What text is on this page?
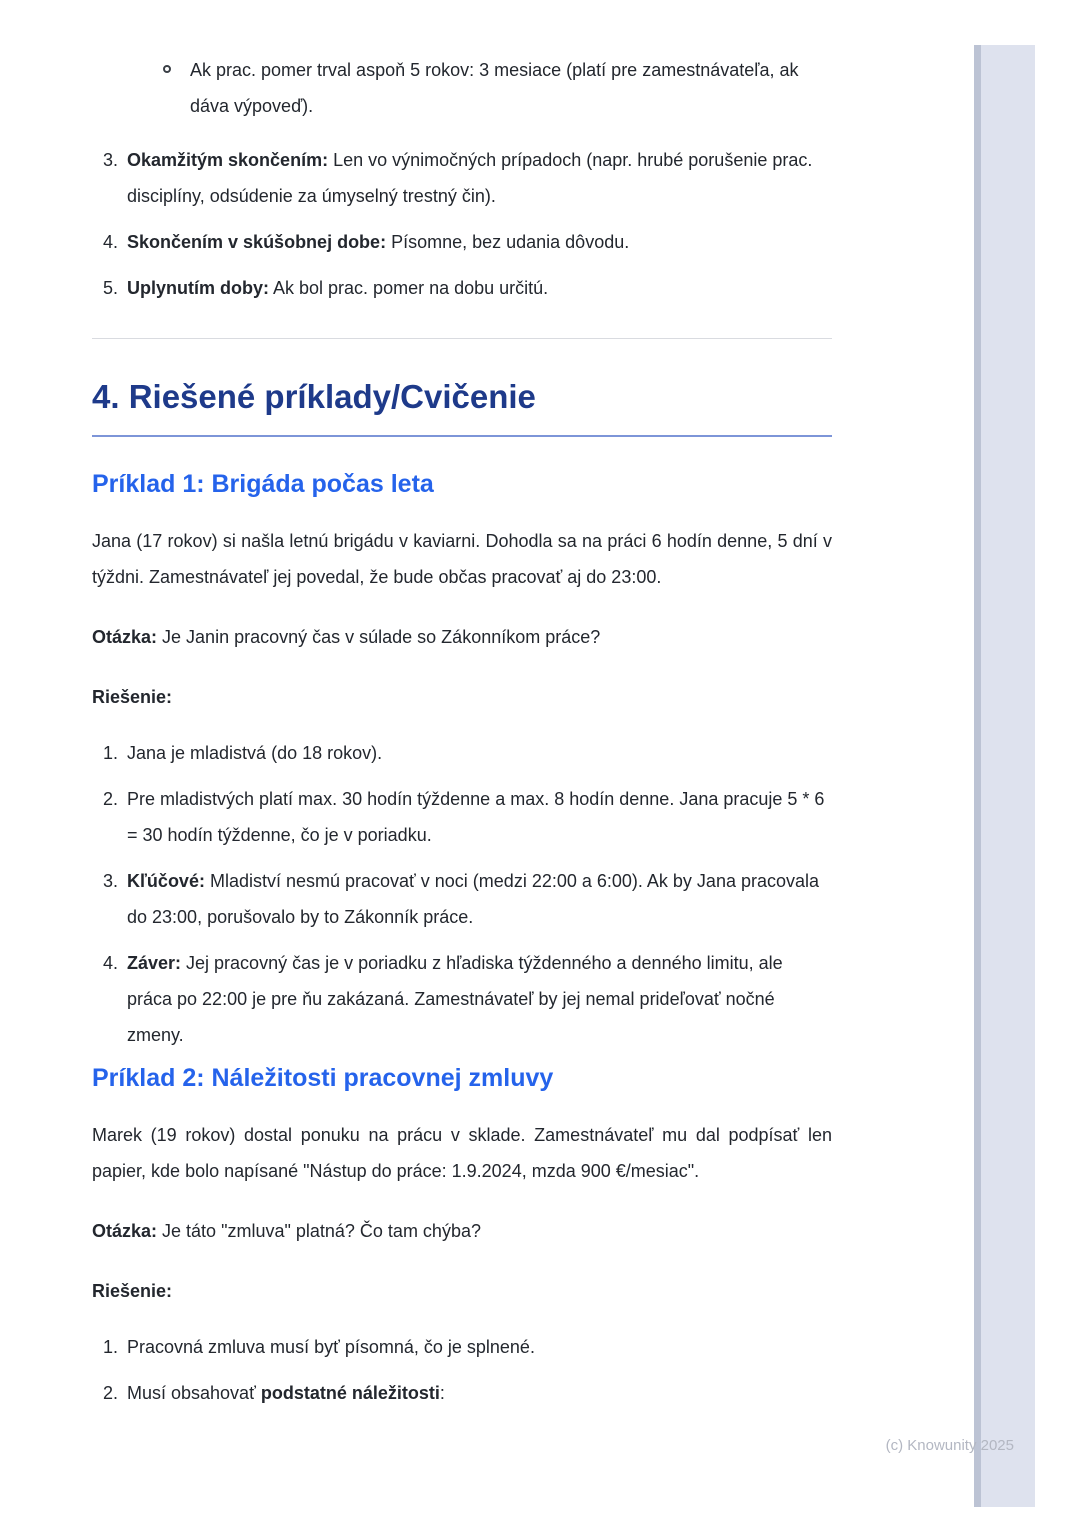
Ak prac. pomer trval aspoň 5 rokov: 3 mesiace (platí pre zamestnávateľa, ak dáva výpoveď).

3. Okamžitým skončením: Len vo výnimočných prípadoch (napr. hrubé porušenie prac. disciplíny, odsúdenie za úmyselný trestný čin).

4. Skončením v skúšobnej dobe: Písomne, bez udania dôvodu.

5. Uplynutím doby: Ak bol prac. pomer na dobu určitú.

4. Riešené príklady/Cvičenie
Príklad 1: Brigáda počas leta

Jana (17 rokov) si našla letnú brigádu v kaviarni. Dohodla sa na práci 6 hodín denne, 5 dní v týždni. Zamestnávateľ jej povedal, že bude občas pracovať aj do 23:00.

Otázka: Je Janin pracovný čas v súlade so Zákonníkom práce?

Riešenie:

1. Jana je mladistvá (do 18 rokov).

2. Pre mladistvých platí max. 30 hodín týždenne a max. 8 hodín denne. Jana pracuje 5 * 6 = 30 hodín týždenne, čo je v poriadku.

3. Kľúčové: Mladiství nesmú pracovať v noci (medzi 22:00 a 6:00). Ak by Jana pracovala do 23:00, porušovalo by to Zákonník práce.

4. Záver: Jej pracovný čas je v poriadku z hľadiska týždenného a denného limitu, ale práca po 22:00 je pre ňu zakázaná. Zamestnávateľ by jej nemal prideľovať nočné zmeny.

Príklad 2: Náležitosti pracovnej zmluvy

Marek (19 rokov) dostal ponuku na prácu v sklade. Zamestnávateľ mu dal podpísať len papier, kde bolo napísané "Nástup do práce: 1.9.2024, mzda 900 €/mesiac".

Otázka: Je táto "zmluva" platná? Čo tam chýba?

Riešenie:

1. Pracovná zmluva musí byť písomná, čo je splnené.

2. Musí obsahovať podstatné náležitosti:

(c) Knowunity 2025
